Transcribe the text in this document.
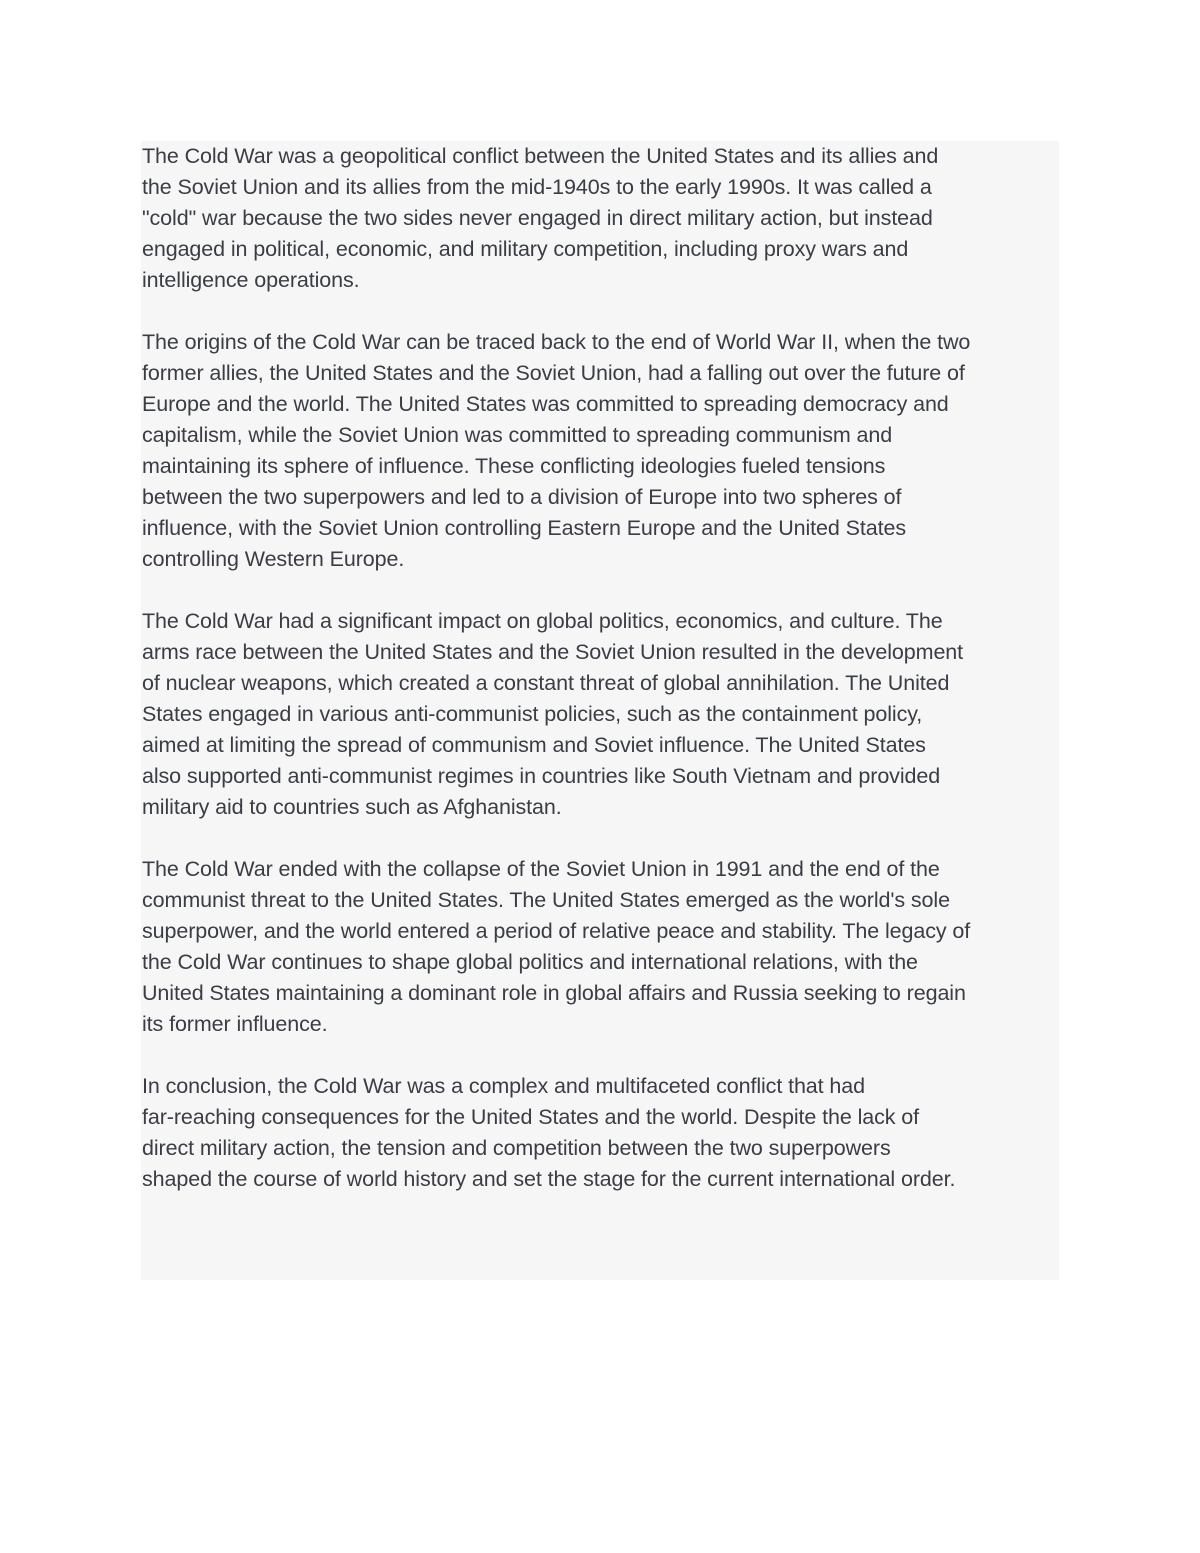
The Cold War was a geopolitical conflict between the United States and its allies and
the Soviet Union and its allies from the mid-1940s to the early 1990s. It was called a
"cold" war because the two sides never engaged in direct military action, but instead
engaged in political, economic, and military competition, including proxy wars and
intelligence operations.

The origins of the Cold War can be traced back to the end of World War II, when the two
former allies, the United States and the Soviet Union, had a falling out over the future of
Europe and the world. The United States was committed to spreading democracy and
capitalism, while the Soviet Union was committed to spreading communism and
maintaining its sphere of influence. These conflicting ideologies fueled tensions
between the two superpowers and led to a division of Europe into two spheres of
influence, with the Soviet Union controlling Eastern Europe and the United States
controlling Western Europe.

The Cold War had a significant impact on global politics, economics, and culture. The
arms race between the United States and the Soviet Union resulted in the development
of nuclear weapons, which created a constant threat of global annihilation. The United
States engaged in various anti-communist policies, such as the containment policy,
aimed at limiting the spread of communism and Soviet influence. The United States
also supported anti-communist regimes in countries like South Vietnam and provided
military aid to countries such as Afghanistan.

The Cold War ended with the collapse of the Soviet Union in 1991 and the end of the
communist threat to the United States. The United States emerged as the world's sole
superpower, and the world entered a period of relative peace and stability. The legacy of
the Cold War continues to shape global politics and international relations, with the
United States maintaining a dominant role in global affairs and Russia seeking to regain
its former influence.

In conclusion, the Cold War was a complex and multifaceted conflict that had
far-reaching consequences for the United States and the world. Despite the lack of
direct military action, the tension and competition between the two superpowers
shaped the course of world history and set the stage for the current international order.
